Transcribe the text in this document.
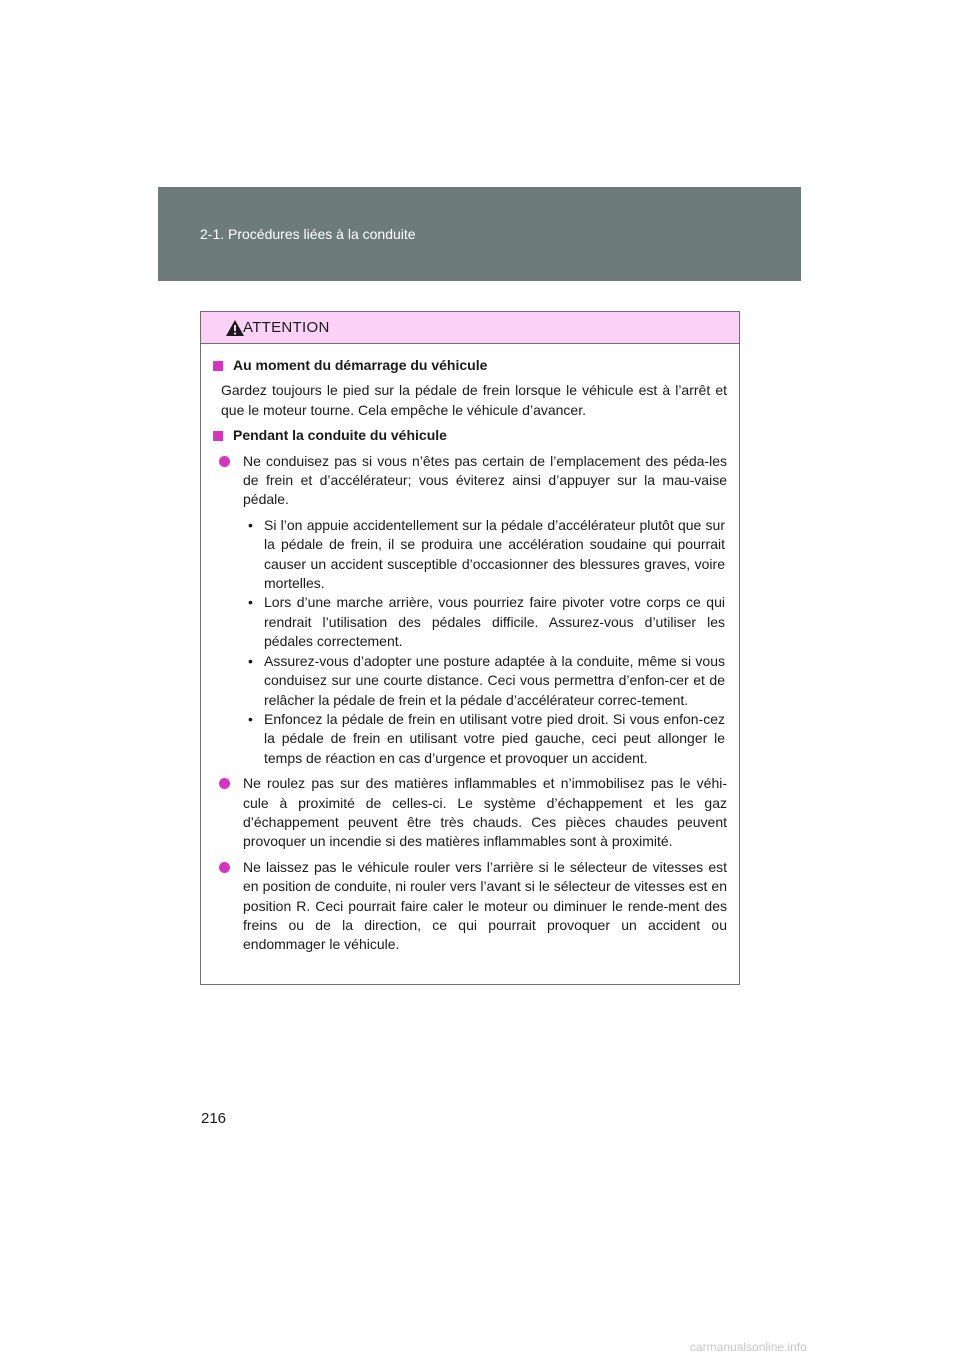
2-1. Procédures liées à la conduite
ATTENTION
Au moment du démarrage du véhicule

Gardez toujours le pied sur la pédale de frein lorsque le véhicule est à l’arrêt et que le moteur tourne. Cela empêche le véhicule d’avancer.

Pendant la conduite du véhicule
Ne conduisez pas si vous n’êtes pas certain de l’emplacement des péda-les de frein et d’accélérateur; vous éviterez ainsi d’appuyer sur la mau-vaise pédale.
• Si l’on appuie accidentellement sur la pédale d’accélérateur plutôt que sur la pédale de frein, il se produira une accélération soudaine qui pourrait causer un accident susceptible d’occasionner des blessures graves, voire mortelles.
• Lors d’une marche arrière, vous pourriez faire pivoter votre corps ce qui rendrait l’utilisation des pédales difficile. Assurez-vous d’utiliser les pédales correctement.
• Assurez-vous d’adopter une posture adaptée à la conduite, même si vous conduisez sur une courte distance. Ceci vous permettra d’enfon-cer et de relâcher la pédale de frein et la pédale d’accélérateur correc-tement.
• Enfoncez la pédale de frein en utilisant votre pied droit. Si vous enfon-cez la pédale de frein en utilisant votre pied gauche, ceci peut allonger le temps de réaction en cas d’urgence et provoquer un accident.
Ne roulez pas sur des matières inflammables et n’immobilisez pas le véhi-cule à proximité de celles-ci. Le système d’échappement et les gaz d’échappement peuvent être très chauds. Ces pièces chaudes peuvent provoquer un incendie si des matières inflammables sont à proximité.
Ne laissez pas le véhicule rouler vers l’arrière si le sélecteur de vitesses est en position de conduite, ni rouler vers l’avant si le sélecteur de vitesses est en position R. Ceci pourrait faire caler le moteur ou diminuer le rende-ment des freins ou de la direction, ce qui pourrait provoquer un accident ou endommager le véhicule.
216
carmanualsonline.info
